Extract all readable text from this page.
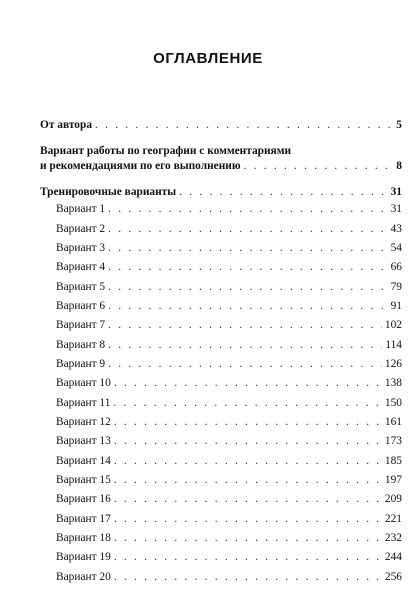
ОГЛАВЛЕНИЕ
От автора . . .	5
Вариант работы по географии с комментариями
и рекомендациями по его выполнению . . .	8
Тренировочные варианты . . .	31
Вариант 1 . . .	31
Вариант 2 . . .	43
Вариант 3 . . .	54
Вариант 4 . . .	66
Вариант 5 . . .	79
Вариант 6 . . .	91
Вариант 7 . . .	102
Вариант 8 . . .	114
Вариант 9 . . .	126
Вариант 10 . . .	138
Вариант 11 . . .	150
Вариант 12 . . .	161
Вариант 13 . . .	173
Вариант 14 . . .	185
Вариант 15 . . .	197
Вариант 16 . . .	209
Вариант 17 . . .	221
Вариант 18 . . .	232
Вариант 19 . . .	244
Вариант 20 . . .	256
